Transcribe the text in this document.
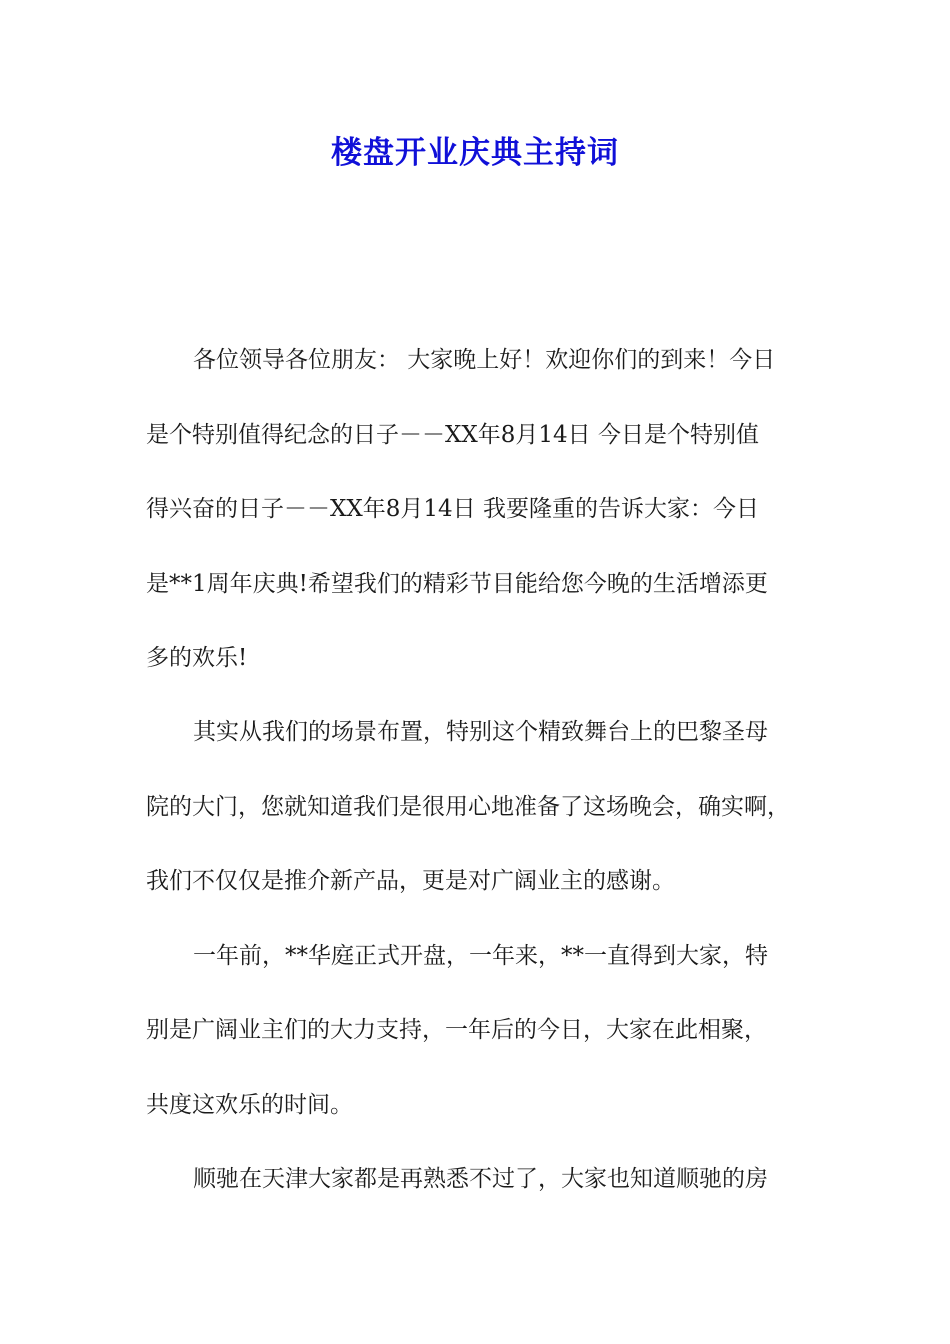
楼盘开业庆典主持词

各位领导各位朋友： 大家晚上好！欢迎你们的到来！今日

是个特别值得纪念的日子－－XX年8月14日 今日是个特别值

得兴奋的日子－－XX年8月14日 我要隆重的告诉大家：今日

是**1周年庆典!希望我们的精彩节目能给您今晚的生活增添更

多的欢乐!

其实从我们的场景布置，特别这个精致舞台上的巴黎圣母

院的大门，您就知道我们是很用心地准备了这场晚会，确实啊，

我们不仅仅是推介新产品，更是对广阔业主的感谢。

一年前，**华庭正式开盘，一年来，**一直得到大家，特

别是广阔业主们的大力支持，一年后的今日，大家在此相聚，

共度这欢乐的时间。

顺驰在天津大家都是再熟悉不过了，大家也知道顺驰的房
